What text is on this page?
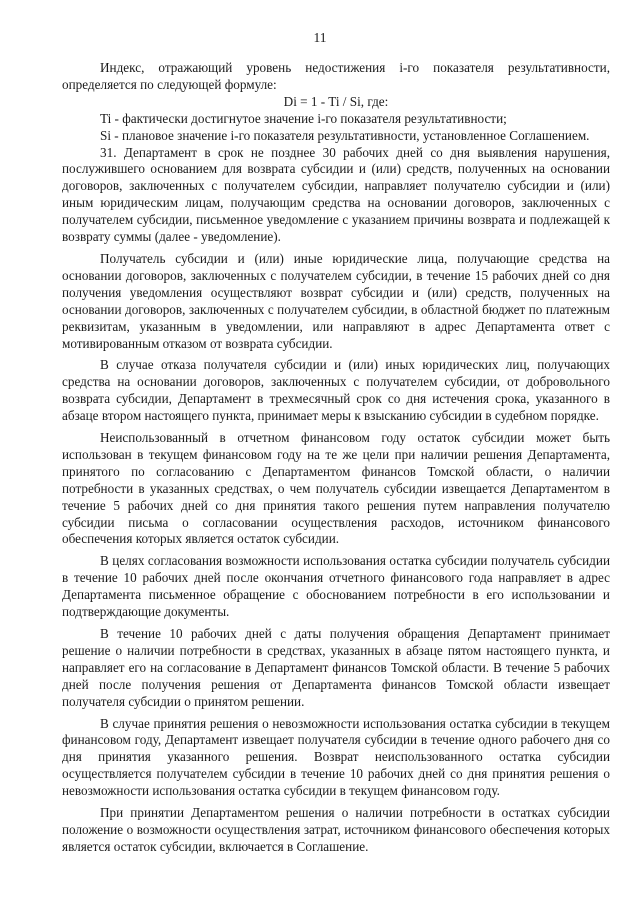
11

Индекс, отражающий уровень недостижения i-го показателя результативности, определяется по следующей формуле:

Di = 1 - Ti / Si, где:

Ti - фактически достигнутое значение i-го показателя результативности;

Si - плановое значение i-го показателя результативности, установленное Соглашением.

31. Департамент в срок не позднее 30 рабочих дней со дня выявления нарушения, послужившего основанием для возврата субсидии и (или) средств, полученных на основании договоров, заключенных с получателем субсидии, направляет получателю субсидии и (или) иным юридическим лицам, получающим средства на основании договоров, заключенных с получателем субсидии, письменное уведомление с указанием причины возврата и подлежащей к возврату суммы (далее - уведомление).

Получатель субсидии и (или) иные юридические лица, получающие средства на основании договоров, заключенных с получателем субсидии, в течение 15 рабочих дней со дня получения уведомления осуществляют возврат субсидии и (или) средств, полученных на основании договоров, заключенных с получателем субсидии, в областной бюджет по платежным реквизитам, указанным в уведомлении, или направляют в адрес Департамента ответ с мотивированным отказом от возврата субсидии.

В случае отказа получателя субсидии и (или) иных юридических лиц, получающих средства на основании договоров, заключенных с получателем субсидии, от добровольного возврата субсидии, Департамент в трехмесячный срок со дня истечения срока, указанного в абзаце втором настоящего пункта, принимает меры к взысканию субсидии в судебном порядке.

Неиспользованный в отчетном финансовом году остаток субсидии может быть использован в текущем финансовом году на те же цели при наличии решения Департамента, принятого по согласованию с Департаментом финансов Томской области, о наличии потребности в указанных средствах, о чем получатель субсидии извещается Департаментом в течение 5 рабочих дней со дня принятия такого решения путем направления получателю субсидии письма о согласовании осуществления расходов, источником финансового обеспечения которых является остаток субсидии.

В целях согласования возможности использования остатка субсидии получатель субсидии в течение 10 рабочих дней после окончания отчетного финансового года направляет в адрес Департамента письменное обращение с обоснованием потребности в его использовании и подтверждающие документы.

В течение 10 рабочих дней с даты получения обращения Департамент принимает решение о наличии потребности в средствах, указанных в абзаце пятом настоящего пункта, и направляет его на согласование в Департамент финансов Томской области. В течение 5 рабочих дней после получения решения от Департамента финансов Томской области извещает получателя субсидии о принятом решении.

В случае принятия решения о невозможности использования остатка субсидии в текущем финансовом году, Департамент извещает получателя субсидии в течение одного рабочего дня со дня принятия указанного решения. Возврат неиспользованного остатка субсидии осуществляется получателем субсидии в течение 10 рабочих дней со дня принятия решения о невозможности использования остатка субсидии в текущем финансовом году.

При принятии Департаментом решения о наличии потребности в остатках субсидии положение о возможности осуществления затрат, источником финансового обеспечения которых является остаток субсидии, включается в Соглашение.
